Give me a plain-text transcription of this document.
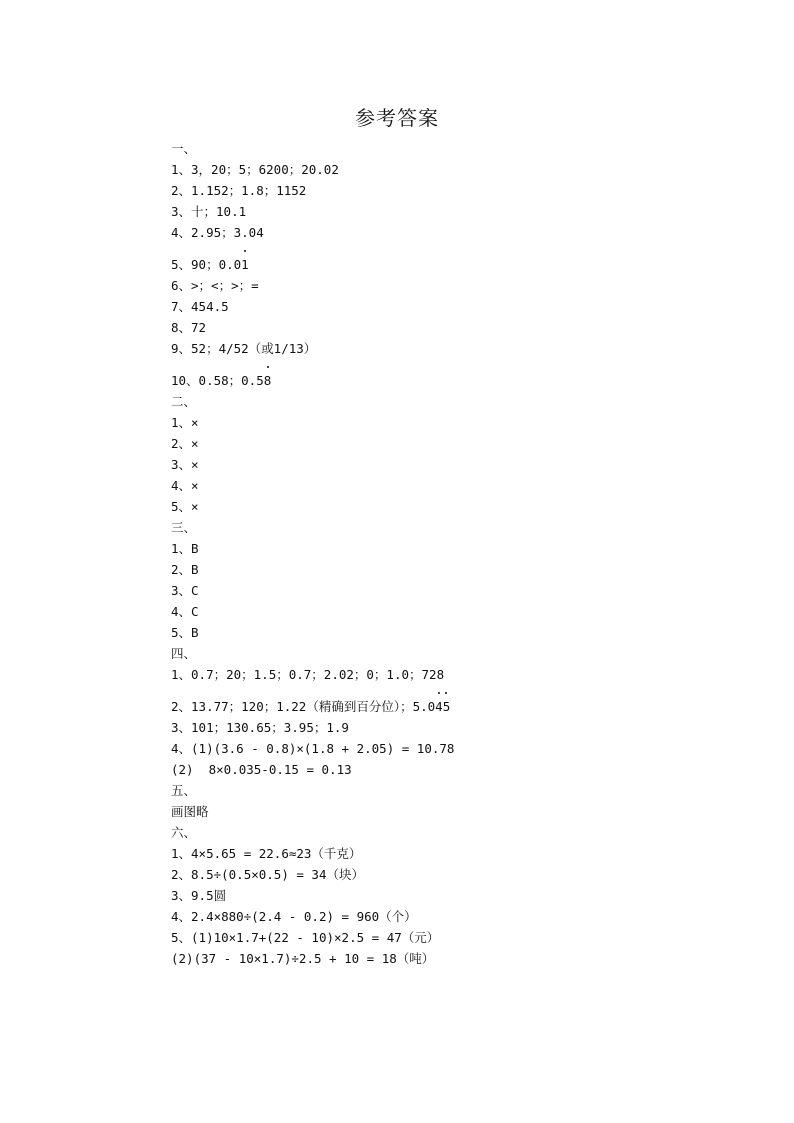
参考答案
一、
1、3，20；5；6200；20.02
2、1.152；1.8；1152
3、十；10.1
4、2.95；3.04
5、90；0.01
6、>；<；>；=
7、454.5
8、72
9、52；4/52（或1/13）
10、0.58；0.58
二、
1、×
2、×
3、×
4、×
5、×
三、
1、B
2、B
3、C
4、C
5、B
四、
1、0.7；20；1.5；0.7；2.02；0；1.0；728
2、13.77；120；1.22（精确到百分位）；5.045
3、101；130.65；3.95；1.9
4、(1)(3.6 - 0.8)×(1.8 + 2.05) = 10.78
(2)  8×0.035-0.15 = 0.13
五、
画图略
六、
1、4×5.65 = 22.6≈23（千克）
2、8.5÷(0.5×0.5) = 34（块）
3、9.5圆
4、2.4×880÷(2.4 - 0.2) = 960（个）
5、(1)10×1.7+(22 - 10)×2.5 = 47（元）
(2)(37 - 10×1.7)÷2.5 + 10 = 18（吨）
